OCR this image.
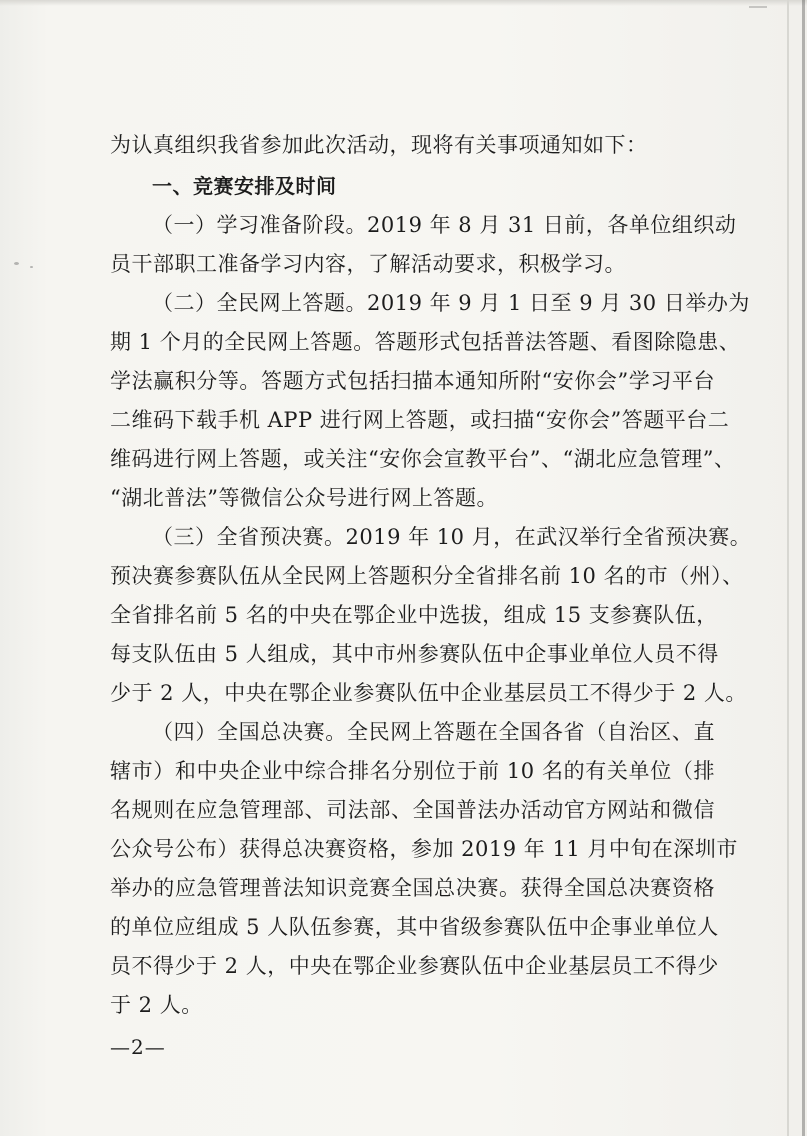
为认真组织我省参加此次活动，现将有关事项通知如下：
一、竞赛安排及时间
（一）学习准备阶段。2019 年 8 月 31 日前，各单位组织动
员干部职工准备学习内容，了解活动要求，积极学习。
（二）全民网上答题。2019 年 9 月 1 日至 9 月 30 日举办为
期 1 个月的全民网上答题。答题形式包括普法答题、看图除隐患、
学法赢积分等。答题方式包括扫描本通知所附“安你会”学习平台
二维码下载手机 APP 进行网上答题，或扫描“安你会”答题平台二
维码进行网上答题，或关注“安你会宣教平台”、“湖北应急管理”、
“湖北普法”等微信公众号进行网上答题。
（三）全省预决赛。2019 年 10 月，在武汉举行全省预决赛。
预决赛参赛队伍从全民网上答题积分全省排名前 10 名的市（州）、
全省排名前 5 名的中央在鄂企业中选拔，组成 15 支参赛队伍，
每支队伍由 5 人组成，其中市州参赛队伍中企事业单位人员不得
少于 2 人，中央在鄂企业参赛队伍中企业基层员工不得少于 2 人。
（四）全国总决赛。全民网上答题在全国各省（自治区、直
辖市）和中央企业中综合排名分别位于前 10 名的有关单位（排
名规则在应急管理部、司法部、全国普法办活动官方网站和微信
公众号公布）获得总决赛资格，参加 2019 年 11 月中旬在深圳市
举办的应急管理普法知识竞赛全国总决赛。获得全国总决赛资格
的单位应组成 5 人队伍参赛，其中省级参赛队伍中企事业单位人
员不得少于 2 人，中央在鄂企业参赛队伍中企业基层员工不得少
于 2 人。
—2—
